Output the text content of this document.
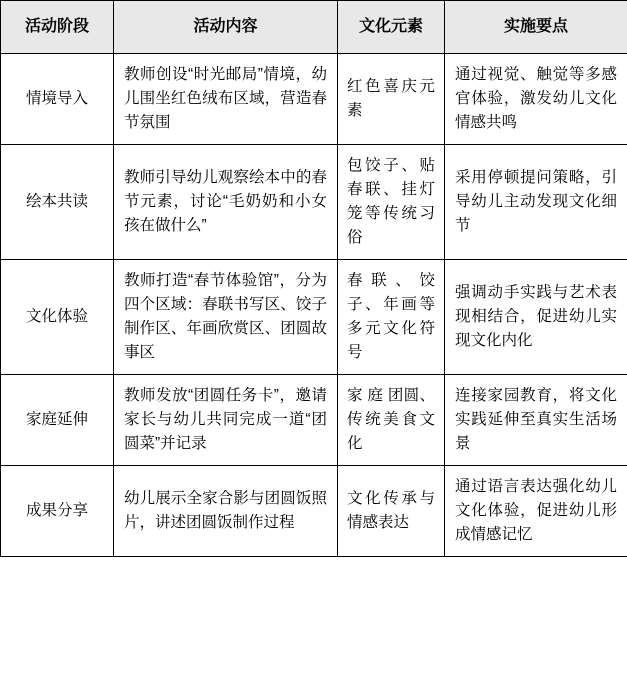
活动阶段	活动内容	文化元素	实施要点
情境导入	教师创设“时光邮局”情境，幼儿围坐红色绒布区域，营造春节氛围	红色喜庆元素	通过视觉、触觉等多感官体验，激发幼儿文化情感共鸣
绘本共读	教师引导幼儿观察绘本中的春节元素，讨论“毛奶奶和小女孩在做什么”	包饺子、贴春联、挂灯笼等传统习俗	采用停顿提问策略，引导幼儿主动发现文化细节
文化体验	教师打造“春节体验馆”，分为四个区域：春联书写区、饺子制作区、年画欣赏区、团圆故事区	春联、饺子、年画等多元文化符号	强调动手实践与艺术表现相结合，促进幼儿实现文化内化
家庭延伸	教师发放“团圆任务卡”，邀请家长与幼儿共同完成一道“团圆菜”并记录	家 庭 团圆、传统美食文化	连接家园教育，将文化实践延伸至真实生活场景
成果分享	幼儿展示全家合影与团圆饭照片，讲述团圆饭制作过程	文化传承与情感表达	通过语言表达强化幼儿文化体验，促进幼儿形成情感记忆
